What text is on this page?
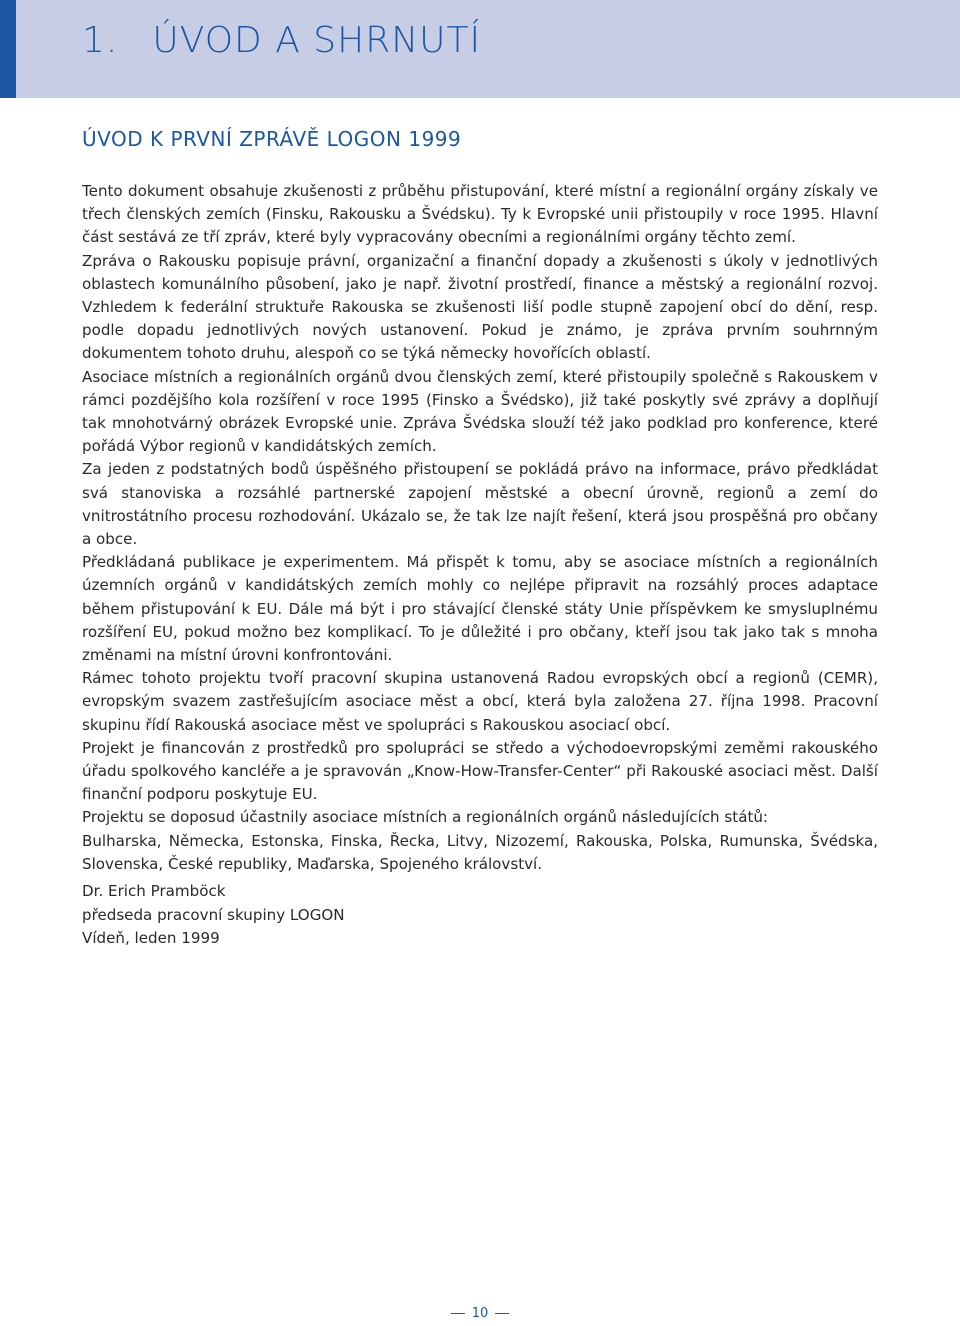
1. ÚVOD A SHRNUTÍ
ÚVOD K PRVNÍ ZPRÁVĚ LOGON 1999

Tento dokument obsahuje zkušenosti z průběhu přistupování, které místní a regionální orgány získaly ve třech členských zemích (Finsku, Rakousku a Švédsku). Ty k Evropské unii přistoupily v roce 1995. Hlavní část sestává ze tří zpráv, které byly vypracovány obecními a regionálními orgány těchto zemí.

Zpráva o Rakousku popisuje právní, organizační a finanční dopady a zkušenosti s úkoly v jednotlivých oblastech komunálního působení, jako je např. životní prostředí, finance a městský a regionální rozvoj. Vzhledem k federální struktuře Rakouska se zkušenosti liší podle stupně zapojení obcí do dění, resp. podle dopadu jednotlivých nových ustanovení. Pokud je známo, je zpráva prvním souhrnným dokumentem tohoto druhu, alespoň co se týká německy hovořících oblastí.

Asociace místních a regionálních orgánů dvou členských zemí, které přistoupily společně s Rakouskem v rámci pozdějšího kola rozšíření v roce 1995 (Finsko a Švédsko), již také poskytly své zprávy a doplňují tak mnohotvárný obrázek Evropské unie. Zpráva Švédska slouží též jako podklad pro konference, které pořádá Výbor regionů v kandidátských zemích.

Za jeden z podstatných bodů úspěšného přistoupení se pokládá právo na informace, právo předkládat svá stanoviska a rozsáhlé partnerské zapojení městské a obecní úrovně, regionů a zemí do vnitrostátního procesu rozhodování. Ukázalo se, že tak lze najít řešení, která jsou prospěšná pro občany a obce.

Předkládaná publikace je experimentem. Má přispět k tomu, aby se asociace místních a regionálních územních orgánů v kandidátských zemích mohly co nejlépe připravit na rozsáhlý proces adaptace během přistupování k EU. Dále má být i pro stávající členské státy Unie příspěvkem ke smysluplnému rozšíření EU, pokud možno bez komplikací. To je důležité i pro občany, kteří jsou tak jako tak s mnoha změnami na místní úrovni konfrontováni.

Rámec tohoto projektu tvoří pracovní skupina ustanovená Radou evropských obcí a regionů (CEMR), evropským svazem zastřešujícím asociace měst a obcí, která byla založena 27. října 1998. Pracovní skupinu řídí Rakouská asociace měst ve spolupráci s Rakouskou asociací obcí.

Projekt je financován z prostředků pro spolupráci se středo a východoevropskými zeměmi rakouského úřadu spolkového kancléře a je spravován „Know-How-Transfer-Center“ při Rakouské asociaci měst. Další finanční podporu poskytuje EU.

Projektu se doposud účastnily asociace místních a regionálních orgánů následujících států:

Bulharska, Německa, Estonska, Finska, Řecka, Litvy, Nizozemí, Rakouska, Polska, Rumunska, Švédska, Slovenska, České republiky, Maďarska, Spojeného království.

Dr. Erich Pramböck
předseda pracovní skupiny LOGON
Vídeň, leden 1999
10
